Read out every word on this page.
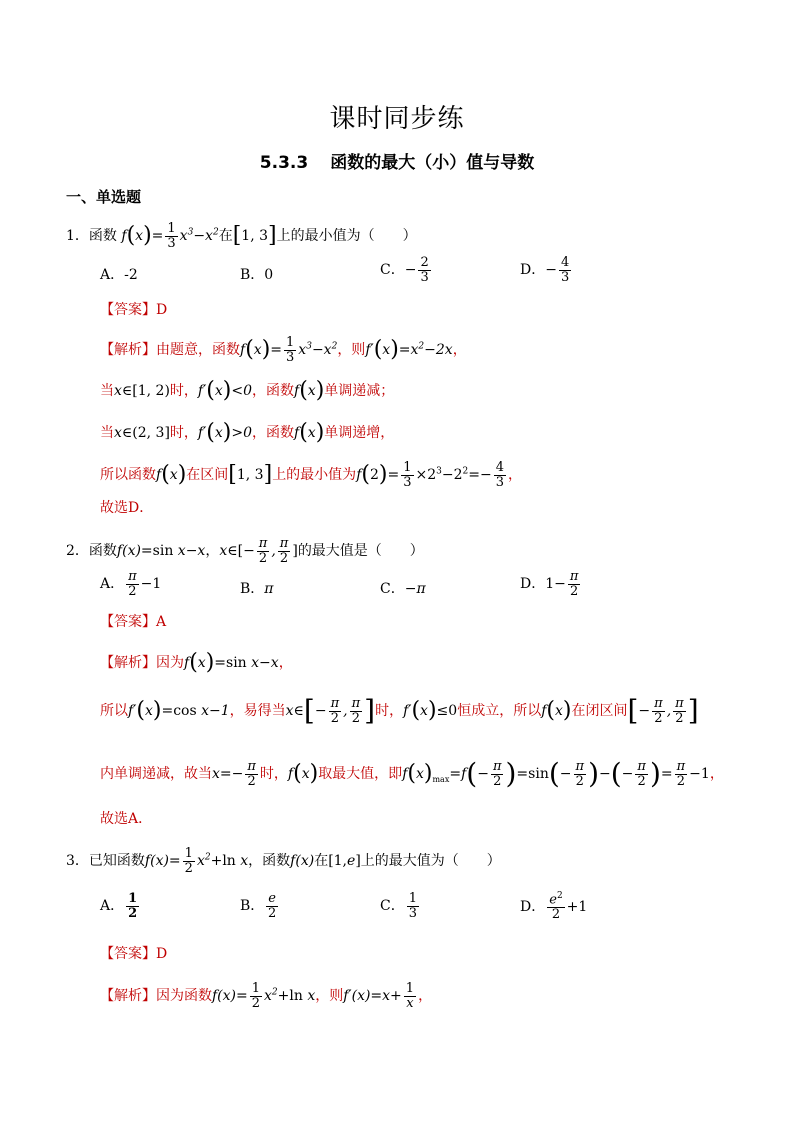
课时同步练
5.3.3 函数的最大（小）值与导数
一、单选题
1．函数 $f(x)= \frac{1}{3} x^3-x^2$在[1, 3]上的最小值为（　　）
A．-2	B．0	C．− $\frac{2}{3}$	D．− $\frac{4}{3}$
【答案】D
【解析】由题意，函数$f(x)= \frac{1}{3} x^3-x^2$，则$f'(x)=x^2-2x$，
当x∈[1, 2)时，f′(x)<0，函数f(x)单调递减；
当x∈(2, 3]时，f′(x)>0，函数f(x)单调递增，
所以函数f(x)在区间[1, 3]上的最小值为$f(2)= \frac{1}{3} \times 2^3-2^2=- \frac{4}{3}$ ，
故选D．
2．函数f(x)=sin x−x，x∈[− $\frac{\pi}{2}$ , $\frac{\pi}{2}$ ]的最大值是（　　）
A． $\frac{\pi}{2} -1$	B．π	C．−π	D．$1- \frac{\pi}{2}$
【答案】A
【解析】因为f(x)=sin x−x，
所以f′(x)=cos x−1，易得当x∈[− $\frac{\pi}{2}$ , $\frac{\pi}{2}$ ]时，f′(x)≤0恒成立，所以f(x)在闭区间[− $\frac{\pi}{2}$ , $\frac{\pi}{2}$ ]
内单调递减，故当$x=- \frac{\pi}{2}$ 时，f(x)取最大值，即$f(x)_{max}=f(- \frac{\pi}{2} )=\sin(- \frac{\pi}{2}$ )−(− $\frac{\pi}{2}$ )= $\frac{\pi}{2} -1$，
故选A．
3．已知函数$f(x)= \frac{1}{2} x^2+\ln$ x，函数f(x)在[1,e]上的最大值为（　　）
A． $\frac{1}{2}$	B． $\frac{e}{2}$	C． $\frac{1}{3}$	D． $\frac{e^2}{2} +1$
【答案】D
【解析】因为函数$f(x)= \frac{1}{2} x^2+\ln$ x，则$f'(x)=x+ \frac{1}{x}$ ，
